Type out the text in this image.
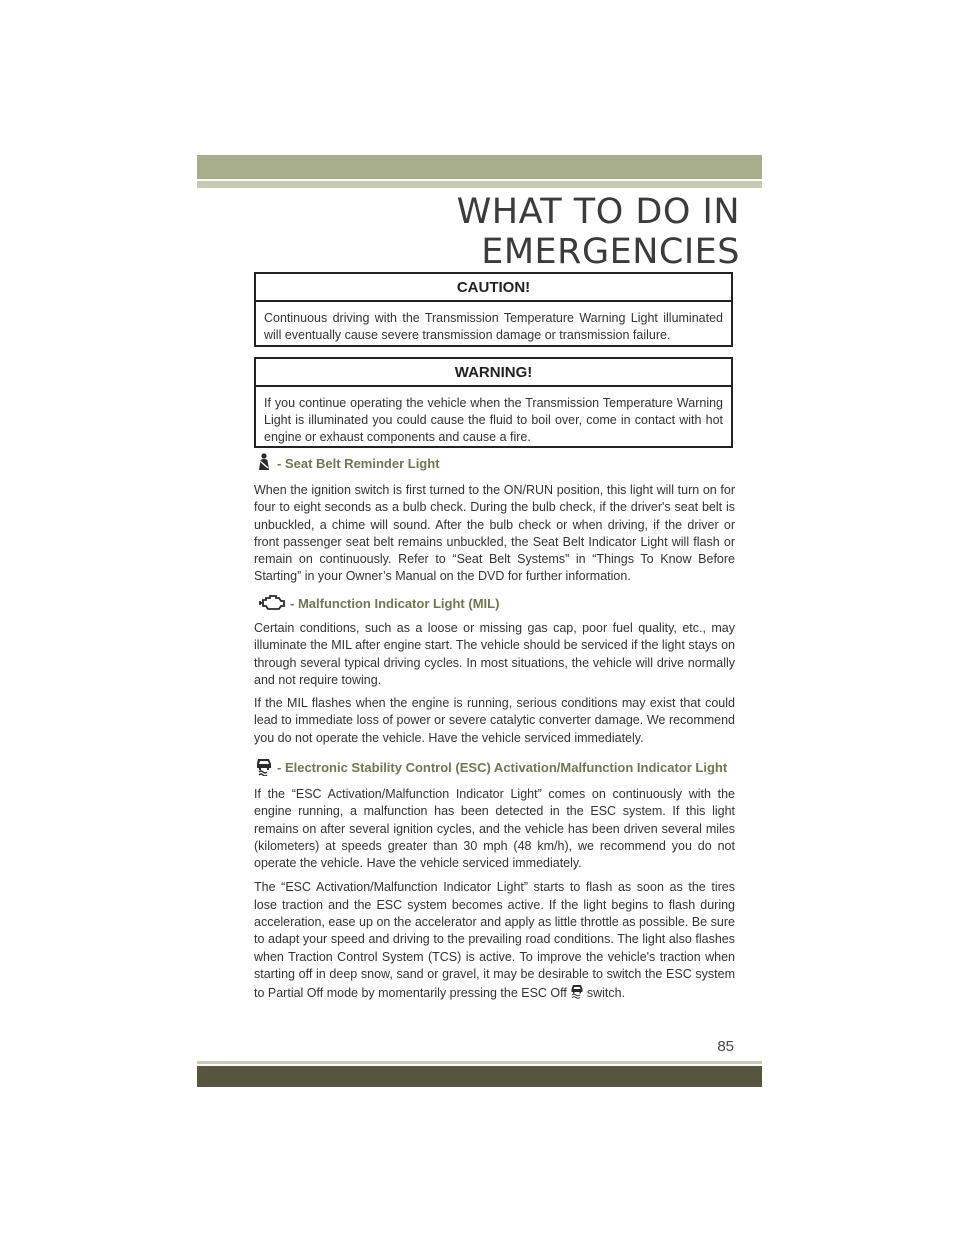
WHAT TO DO IN EMERGENCIES
CAUTION!
Continuous driving with the Transmission Temperature Warning Light illuminated will eventually cause severe transmission damage or transmission failure.
WARNING!
If you continue operating the vehicle when the Transmission Temperature Warning Light is illuminated you could cause the fluid to boil over, come in contact with hot engine or exhaust components and cause a fire.
- Seat Belt Reminder Light

When the ignition switch is first turned to the ON/RUN position, this light will turn on for four to eight seconds as a bulb check. During the bulb check, if the driver's seat belt is unbuckled, a chime will sound. After the bulb check or when driving, if the driver or front passenger seat belt remains unbuckled, the Seat Belt Indicator Light will flash or remain on continuously. Refer to “Seat Belt Systems” in “Things To Know Before Starting” in your Owner’s Manual on the DVD for further information.

- Malfunction Indicator Light (MIL)

Certain conditions, such as a loose or missing gas cap, poor fuel quality, etc., may illuminate the MIL after engine start. The vehicle should be serviced if the light stays on through several typical driving cycles. In most situations, the vehicle will drive normally and not require towing.

If the MIL flashes when the engine is running, serious conditions may exist that could lead to immediate loss of power or severe catalytic converter damage. We recommend you do not operate the vehicle. Have the vehicle serviced immediately.

- Electronic Stability Control (ESC) Activation/Malfunction Indicator Light

If the “ESC Activation/Malfunction Indicator Light” comes on continuously with the engine running, a malfunction has been detected in the ESC system. If this light remains on after several ignition cycles, and the vehicle has been driven several miles (kilometers) at speeds greater than 30 mph (48 km/h), we recommend you do not operate the vehicle. Have the vehicle serviced immediately.

The “ESC Activation/Malfunction Indicator Light” starts to flash as soon as the tires lose traction and the ESC system becomes active. If the light begins to flash during acceleration, ease up on the accelerator and apply as little throttle as possible. Be sure to adapt your speed and driving to the prevailing road conditions. The light also flashes when Traction Control System (TCS) is active. To improve the vehicle's traction when starting off in deep snow, sand or gravel, it may be desirable to switch the ESC system to Partial Off mode by momentarily pressing the ESC Off switch.

85
